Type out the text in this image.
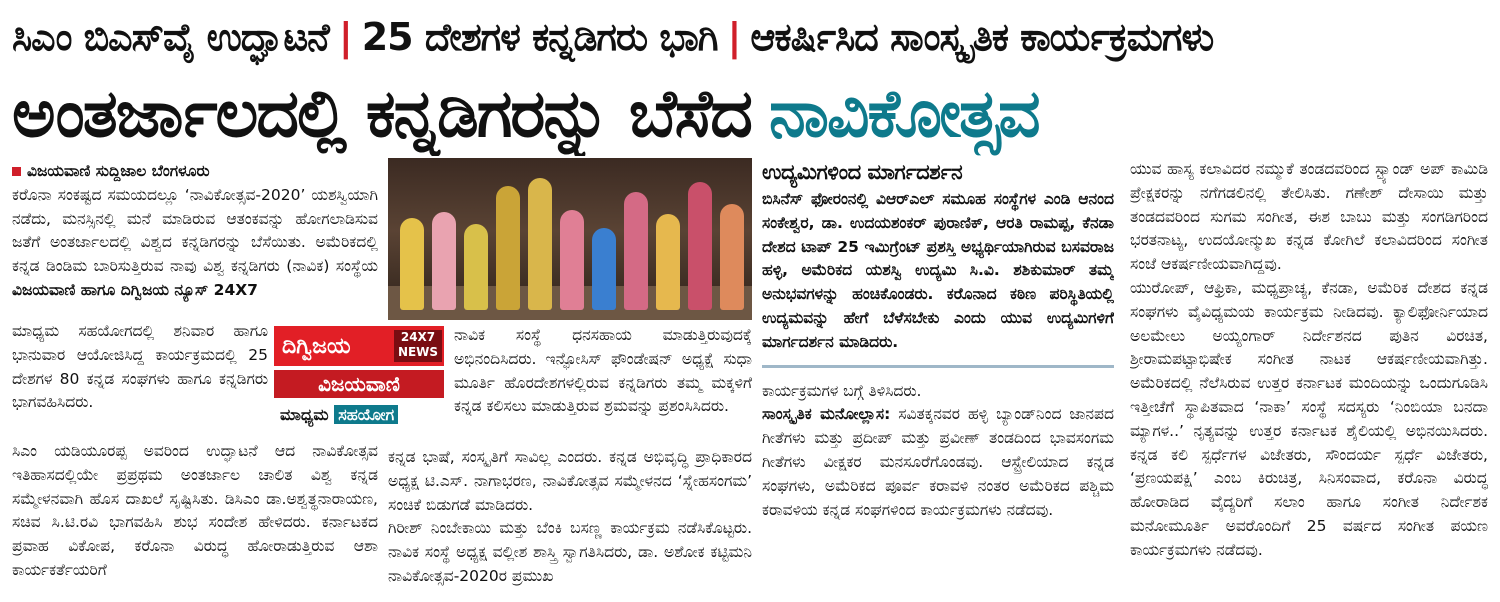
ಸಿಎಂ ಬಿಎಸ್‌ವೈ ಉದ್ಘಾಟನೆ | 25 ದೇಶಗಳ ಕನ್ನಡಿಗರು ಭಾಗಿ | ಆಕರ್ಷಿಸಿದ ಸಾಂಸ್ಕೃತಿಕ ಕಾರ್ಯಕ್ರಮಗಳು
ಅಂತರ್ಜಾಲದಲ್ಲಿ ಕನ್ನಡಿಗರನ್ನು ಬೆಸೆದ ನಾವಿಕೋತ್ಸವ
ವಿಜಯವಾಣಿ ಸುದ್ದಿಜಾಲ ಬೆಂಗಳೂರು

ಕರೊನಾ ಸಂಕಷ್ಟದ ಸಮಯದಲ್ಲೂ ‘ನಾವಿಕೋತ್ಸವ-2020’ ಯಶಸ್ವಿಯಾಗಿ ನಡೆದು, ಮನಸ್ಸಿನಲ್ಲಿ ಮನೆ ಮಾಡಿರುವ ಆತಂಕವನ್ನು ಹೋಗಲಾಡಿಸುವ ಜತೆಗೆ ಅಂತರ್ಜಾಲದಲ್ಲಿ ವಿಶ್ವದ ಕನ್ನಡಿಗರನ್ನು ಬೆಸೆಯಿತು. ಅಮೆರಿಕದಲ್ಲಿ ಕನ್ನಡ ಡಿಂಡಿಮ ಬಾರಿಸುತ್ತಿರುವ ನಾವು ವಿಶ್ವ ಕನ್ನಡಿಗರು (ನಾವಿಕ) ಸಂಸ್ಥೆಯ ವಿಜಯವಾಣಿ ಹಾಗೂ ದಿಗ್ವಿಜಯ ನ್ಯೂಸ್ 24X7

ಮಾಧ್ಯಮ ಸಹಯೋಗದಲ್ಲಿ ಶನಿವಾರ ಹಾಗೂ ಭಾನುವಾರ ಆಯೋಜಿಸಿದ್ದ ಕಾರ್ಯಕ್ರಮದಲ್ಲಿ 25 ದೇಶಗಳ 80 ಕನ್ನಡ ಸಂಘಗಳು ಹಾಗೂ ಕನ್ನಡಿಗರು ಭಾಗವಹಿಸಿದರು.

ಸಿಎಂ ಯಡಿಯೂರಪ್ಪ ಅವರಿಂದ ಉದ್ಘಾಟನೆ ಆದ ನಾವಿಕೋತ್ಸವ ಇತಿಹಾಸದಲ್ಲಿಯೇ ಪ್ರಪ್ರಥಮ ಅಂತರ್ಜಾಲ ಚಾಲಿತ ವಿಶ್ವ ಕನ್ನಡ ಸಮ್ಮೇಳನವಾಗಿ ಹೊಸ ದಾಖಲೆ ಸೃಷ್ಟಿಸಿತು. ಡಿಸಿಎಂ ಡಾ.ಅಶ್ವತ್ಥನಾರಾಯಣ, ಸಚಿವ ಸಿ.ಟಿ.ರವಿ ಭಾಗವಹಿಸಿ ಶುಭ ಸಂದೇಶ ಹೇಳಿದರು. ಕರ್ನಾಟಕದ ಪ್ರವಾಹ ವಿಕೋಪ, ಕರೊನಾ ವಿರುದ್ಧ ಹೋರಾಡುತ್ತಿರುವ ಆಶಾ ಕಾರ್ಯಕರ್ತೆಯರಿಗೆ

ದಿಗ್ವಿಜಯ	24X7 NEWS
ವಿಜಯವಾಣಿ
ಮಾಧ್ಯಮ ಸಹಯೋಗ

ನಾವಿಕ ಸಂಸ್ಥೆ ಧನಸಹಾಯ ಮಾಡುತ್ತಿರುವುದಕ್ಕೆ ಅಭಿನಂದಿಸಿದರು. ಇನ್ಫೋಸಿಸ್ ಫೌಂಡೇಷನ್ ಅಧ್ಯಕ್ಷೆ ಸುಧಾ ಮೂರ್ತಿ ಹೊರದೇಶಗಳಲ್ಲಿರುವ ಕನ್ನಡಿಗರು ತಮ್ಮ ಮಕ್ಕಳಿಗೆ ಕನ್ನಡ ಕಲಿಸಲು ಮಾಡುತ್ತಿರುವ ಶ್ರಮವನ್ನು ಪ್ರಶಂಸಿಸಿದರು.

ಕನ್ನಡ ಭಾಷೆ, ಸಂಸ್ಕೃತಿಗೆ ಸಾವಿಲ್ಲ ಎಂದರು. ಕನ್ನಡ ಅಭಿವೃದ್ಧಿ ಪ್ರಾಧಿಕಾರದ ಅಧ್ಯಕ್ಷ ಟಿ.ಎಸ್. ನಾಗಾಭರಣ, ನಾವಿಕೋತ್ಸವ ಸಮ್ಮೇಳನದ ‘ಸ್ನೇಹಸಂಗಮ’ ಸಂಚಿಕೆ ಬಿಡುಗಡೆ ಮಾಡಿದರು.

ಗಿರೀಶ್ ನಿಂಬೇಕಾಯಿ ಮತ್ತು ಬೆಂಕಿ ಬಸಣ್ಣ ಕಾರ್ಯಕ್ರಮ ನಡೆಸಿಕೊಟ್ಟರು. ನಾವಿಕ ಸಂಸ್ಥೆ ಅಧ್ಯಕ್ಷ ವಲ್ಲೀಶ ಶಾಸ್ತ್ರಿ ಸ್ವಾಗತಿಸಿದರು, ಡಾ. ಅಶೋಕ ಕಟ್ಟಿಮನಿ ನಾವಿಕೋತ್ಸವ-2020ರ ಪ್ರಮುಖ

ಉದ್ಯಮಿಗಳಿಂದ ಮಾರ್ಗದರ್ಶನ

ಬಿಸಿನೆಸ್ ಫೋರಂನಲ್ಲಿ ವಿಆರ್‌ಎಲ್ ಸಮೂಹ ಸಂಸ್ಥೆಗಳ ಎಂಡಿ ಆನಂದ ಸಂಕೇಶ್ವರ, ಡಾ. ಉದಯಶಂಕರ್ ಪುರಾಣಿಕ್, ಆರತಿ ರಾಮಪ್ಪ, ಕೆನಡಾ ದೇಶದ ಟಾಪ್ 25 ಇಮಿಗ್ರೆಂಟ್ ಪ್ರಶಸ್ತಿ ಅಭ್ಯರ್ಥಿಯಾಗಿರುವ ಬಸವರಾಜ ಹಳ್ಳಿ, ಅಮೆರಿಕದ ಯಶಸ್ವಿ ಉದ್ಯಮಿ ಸಿ.ವಿ. ಶಶಿಕುಮಾರ್ ತಮ್ಮ ಅನುಭವಗಳನ್ನು ಹಂಚಿಕೊಂಡರು. ಕರೊನಾದ ಕಠಿಣ ಪರಿಸ್ಥಿತಿಯಲ್ಲಿ ಉದ್ಯಮವನ್ನು ಹೇಗೆ ಬೆಳೆಸಬೇಕು ಎಂದು ಯುವ ಉದ್ಯಮಿಗಳಿಗೆ ಮಾರ್ಗದರ್ಶನ ಮಾಡಿದರು.

ಕಾರ್ಯಕ್ರಮಗಳ ಬಗ್ಗೆ ತಿಳಿಸಿದರು.

ಸಾಂಸ್ಕೃತಿಕ ಮನೋಲ್ಲಾಸ: ಸವಿತಕ್ಕನವರ ಹಳ್ಳಿ ಬ್ಯಾಂಡ್‌ನಿಂದ ಜಾನಪದ ಗೀತೆಗಳು ಮತ್ತು ಪ್ರದೀಪ್ ಮತ್ತು ಪ್ರವೀಣ್ ತಂಡದಿಂದ ಭಾವಸಂಗಮ ಗೀತೆಗಳು ವೀಕ್ಷಕರ ಮನಸೂರೆಗೊಂಡವು. ಆಸ್ಟ್ರೇಲಿಯಾದ ಕನ್ನಡ ಸಂಘಗಳು, ಅಮೆರಿಕದ ಪೂರ್ವ ಕರಾವಳಿ ನಂತರ ಅಮೆರಿಕದ ಪಶ್ಚಿಮ ಕರಾವಳಿಯ ಕನ್ನಡ ಸಂಘಗಳಿಂದ ಕಾರ್ಯಕ್ರಮಗಳು ನಡೆದವು.

ಯುವ ಹಾಸ್ಯ ಕಲಾವಿದರ ನಮ್ಮುಕೆ ತಂಡದವರಿಂದ ಸ್ಟ್ಯಾಂಡ್ ಅಪ್ ಕಾಮಿಡಿ ಪ್ರೇಕ್ಷಕರನ್ನು ನಗೆಗಡಲಿನಲ್ಲಿ ತೇಲಿಸಿತು. ಗಣೇಶ್ ದೇಸಾಯಿ ಮತ್ತು ತಂಡದವರಿಂದ ಸುಗಮ ಸಂಗೀತ, ಈಶ ಬಾಬು ಮತ್ತು ಸಂಗಡಿಗರಿಂದ ಭರತನಾಟ್ಯ, ಉದಯೋನ್ಮುಖ ಕನ್ನಡ ಕೋಗಿಲೆ ಕಲಾವಿದರಿಂದ ಸಂಗೀತ ಸಂಜೆ ಆಕರ್ಷಣೀಯವಾಗಿದ್ದವು.

ಯುರೋಪ್, ಆಫ್ರಿಕಾ, ಮಧ್ಯಪ್ರಾಚ್ಯ, ಕೆನಡಾ, ಅಮೆರಿಕ ದೇಶದ ಕನ್ನಡ ಸಂಘಗಳು ವೈವಿಧ್ಯಮಯ ಕಾರ್ಯಕ್ರಮ ನೀಡಿದವು. ಕ್ಯಾಲಿಫೋರ್ನಿಯಾದ ಅಲಮೇಲು ಅಯ್ಯಂಗಾರ್ ನಿರ್ದೇಶನದ ಪುತಿನ ವಿರಚಿತ, ಶ್ರೀರಾಮಪಟ್ಟಾಭಿಷೇಕ ಸಂಗೀತ ನಾಟಕ ಆಕರ್ಷಣೀಯವಾಗಿತ್ತು. ಅಮೆರಿಕದಲ್ಲಿ ನೆಲೆಸಿರುವ ಉತ್ತರ ಕರ್ನಾಟಕ ಮಂದಿಯನ್ನು ಒಂದುಗೂಡಿಸಿ ಇತ್ತೀಚೆಗೆ ಸ್ಥಾಪಿತವಾದ ‘ನಾಕಾ’ ಸಂಸ್ಥೆ ಸದಸ್ಯರು ‘ನಿಂಬಿಯಾ ಬನದಾ ಮ್ಯಾಗಳ..’ ನೃತ್ಯವನ್ನು ಉತ್ತರ ಕರ್ನಾಟಕ ಶೈಲಿಯಲ್ಲಿ ಅಭಿನಯಿಸಿದರು. ಕನ್ನಡ ಕಲಿ ಸ್ಪರ್ಧೆಗಳ ವಿಜೇತರು, ಸೌಂದರ್ಯ ಸ್ಪರ್ಧೆ ವಿಜೇತರು, ‘ಪ್ರಣಯಪಕ್ಷಿ’ ಎಂಬ ಕಿರುಚಿತ್ರ, ಸಿನಿಸಂವಾದ, ಕರೊನಾ ವಿರುದ್ಧ ಹೋರಾಡಿದ ವೈದ್ಯರಿಗೆ ಸಲಾಂ ಹಾಗೂ ಸಂಗೀತ ನಿರ್ದೇಶಕ ಮನೋಮೂರ್ತಿ ಅವರೊಂದಿಗೆ 25 ವರ್ಷದ ಸಂಗೀತ ಪಯಣ ಕಾರ್ಯಕ್ರಮಗಳು ನಡೆದವು.
